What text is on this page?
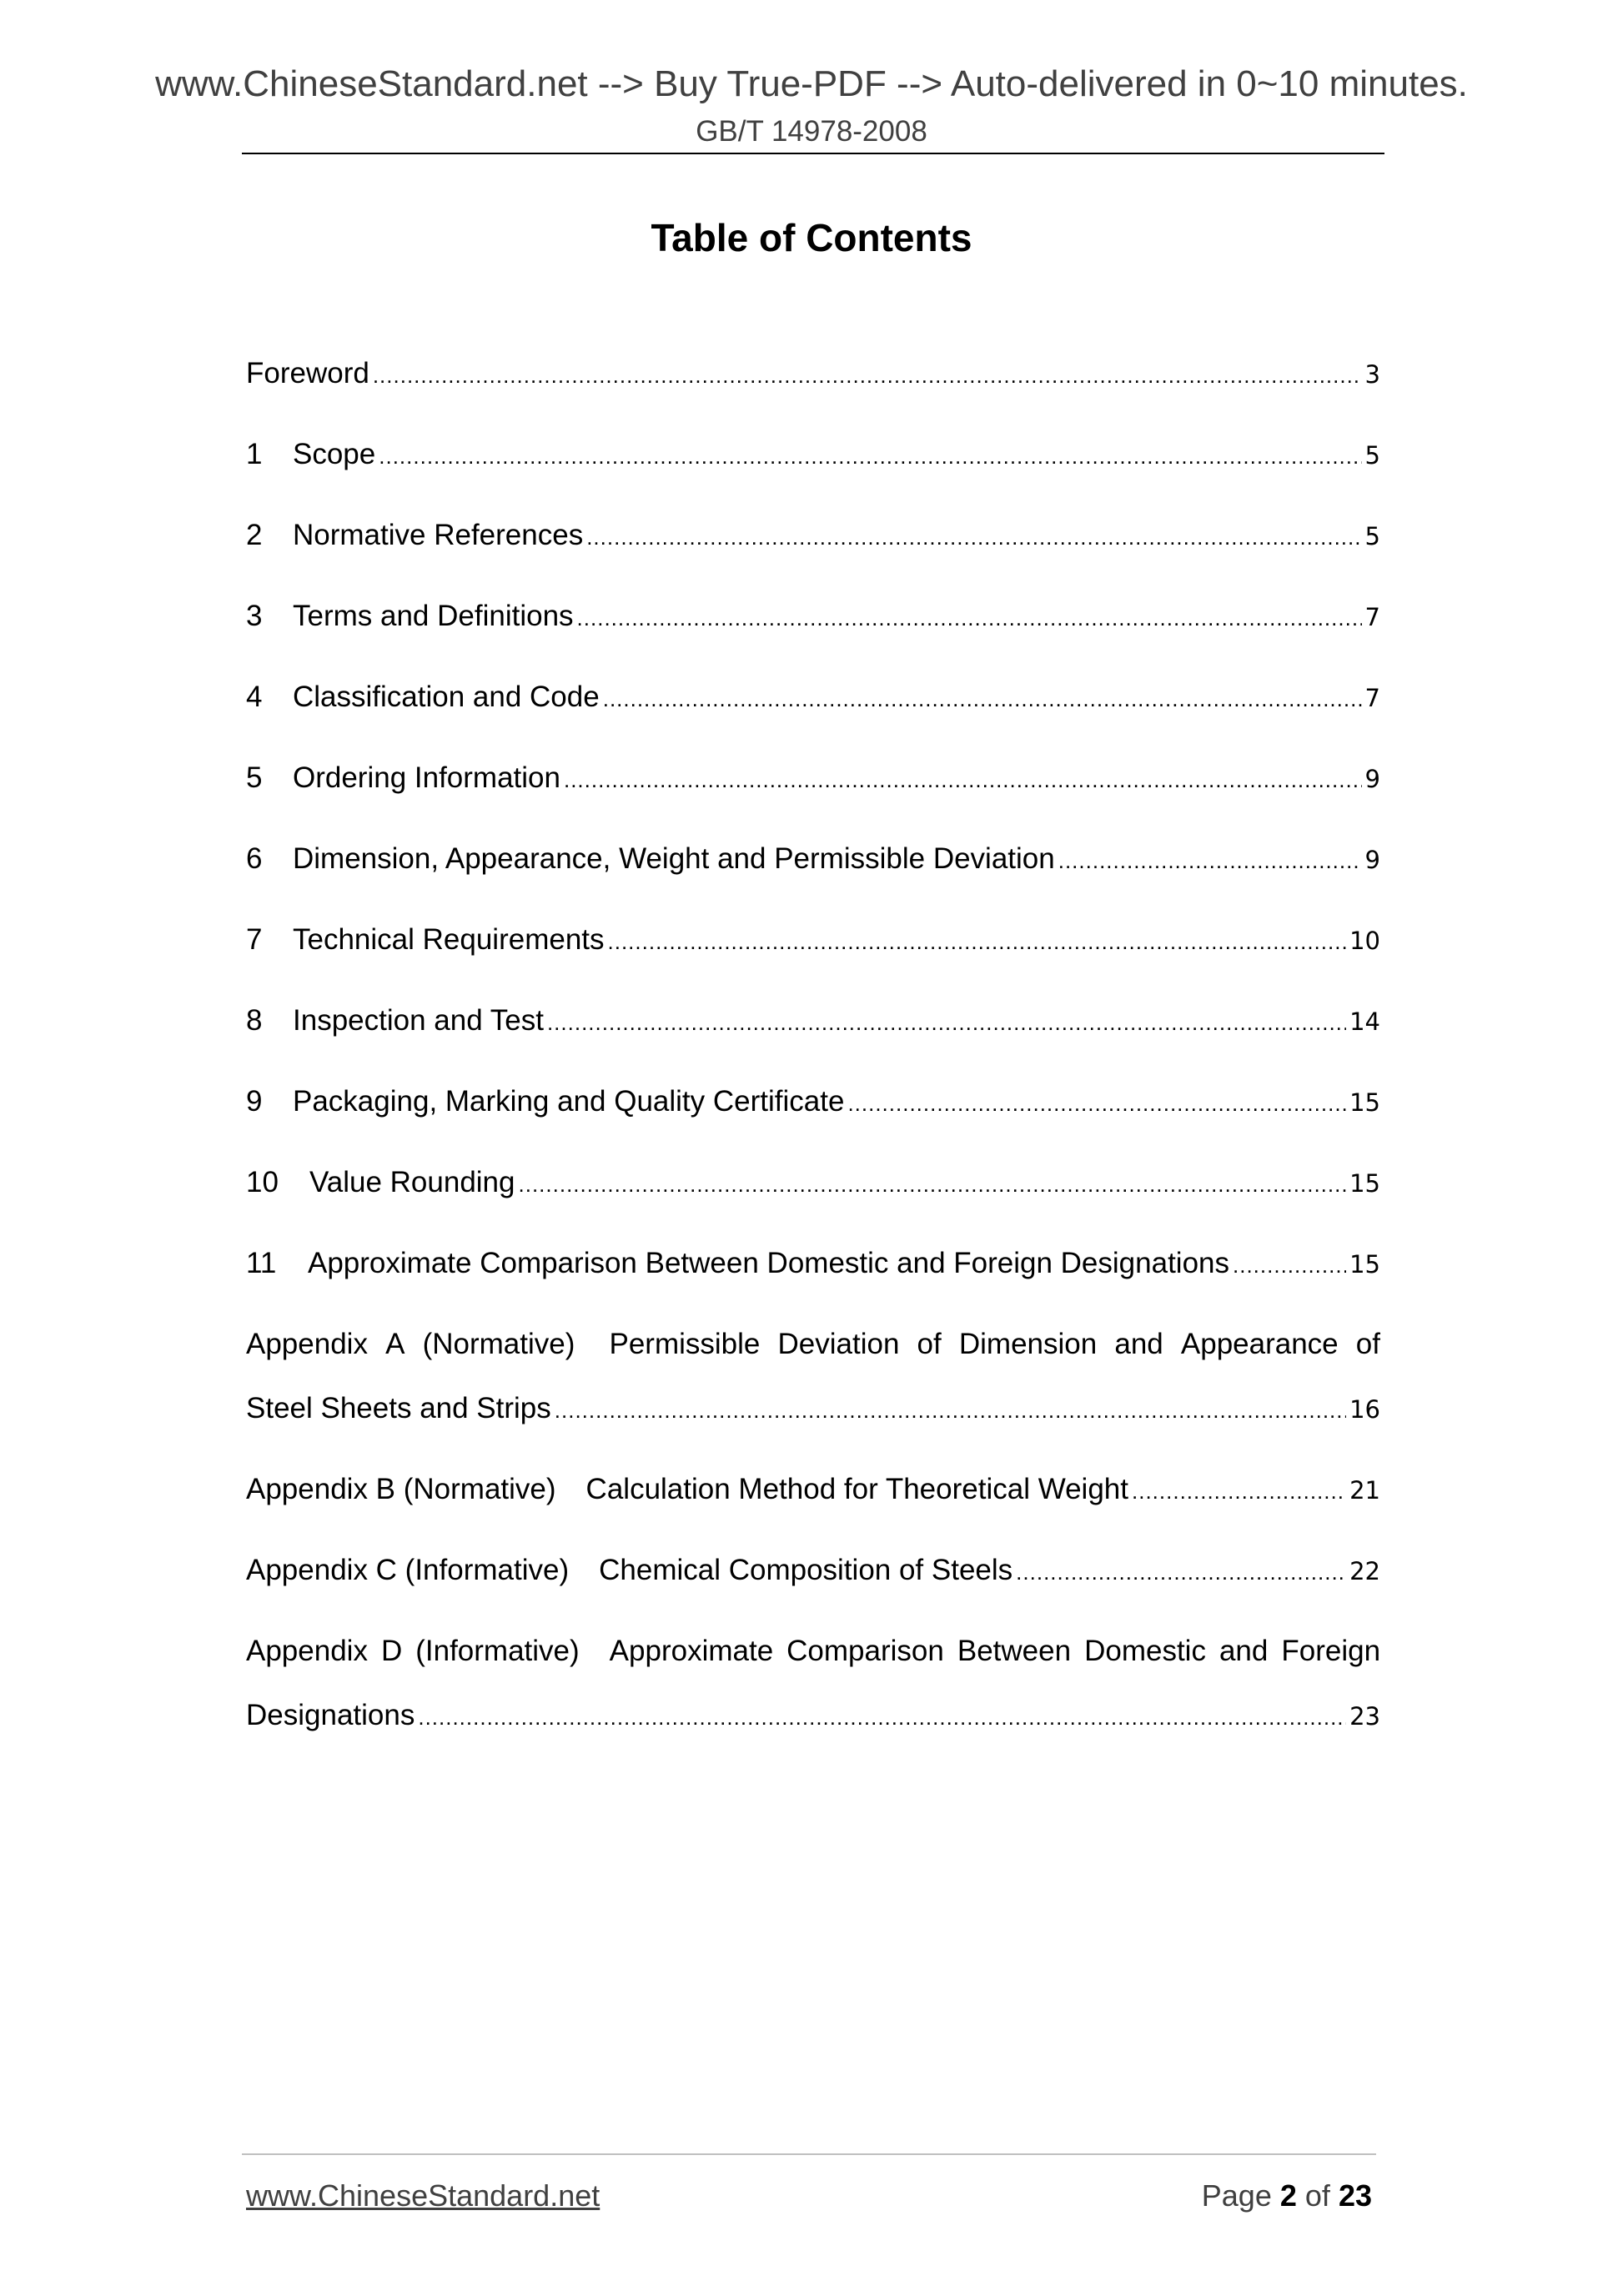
www.ChineseStandard.net --> Buy True-PDF --> Auto-delivered in 0~10 minutes.
GB/T 14978-2008
Table of Contents
Foreword .....	3
1	Scope .....	5
2	Normative References .....	5
3	Terms and Definitions .....	7
4	Classification and Code .....	7
5	Ordering Information .....	9
6	Dimension, Appearance, Weight and Permissible Deviation .....	9
7	Technical Requirements .....	10
8	Inspection and Test .....	14
9	Packaging, Marking and Quality Certificate .....	15
10	Value Rounding .....	15
11	Approximate Comparison Between Domestic and Foreign Designations .....	15
Appendix A (Normative) Permissible Deviation of Dimension and Appearance of
Steel Sheets and Strips .....	16
Appendix B (Normative) Calculation Method for Theoretical Weight .....	21
Appendix C (Informative) Chemical Composition of Steels .....	22
Appendix D (Informative) Approximate Comparison Between Domestic and Foreign
Designations .....	23
www.ChineseStandard.net	Page 2 of 23
